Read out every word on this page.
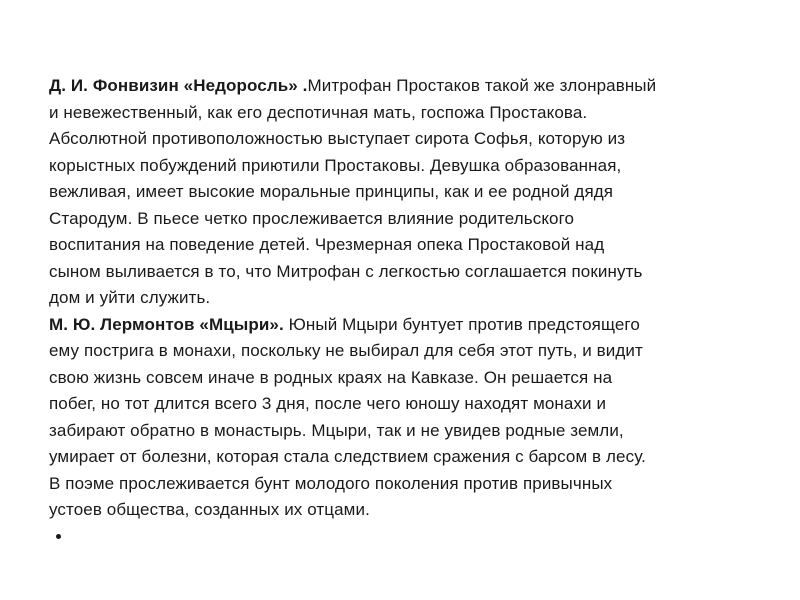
Д. И. Фонвизин «Недоросль» .Митрофан Простаков такой же злонравный
и невежественный, как его деспотичная мать, госпожа Простакова.
Абсолютной противоположностью выступает сирота Софья, которую из
корыстных побуждений приютили Простаковы. Девушка образованная,
вежливая, имеет высокие моральные принципы, как и ее родной дядя
Стародум. В пьесе четко прослеживается влияние родительского
воспитания на поведение детей. Чрезмерная опека Простаковой над
сыном выливается в то, что Митрофан с легкостью соглашается покинуть
дом и уйти служить.
М. Ю. Лермонтов «Мцыри». Юный Мцыри бунтует против предстоящего
ему пострига в монахи, поскольку не выбирал для себя этот путь, и видит
свою жизнь совсем иначе в родных краях на Кавказе. Он решается на
побег, но тот длится всего 3 дня, после чего юношу находят монахи и
забирают обратно в монастырь. Мцыри, так и не увидев родные земли,
умирает от болезни, которая стала следствием сражения с барсом в лесу.
В поэме прослеживается бунт молодого поколения против привычных
устоев общества, созданных их отцами.
